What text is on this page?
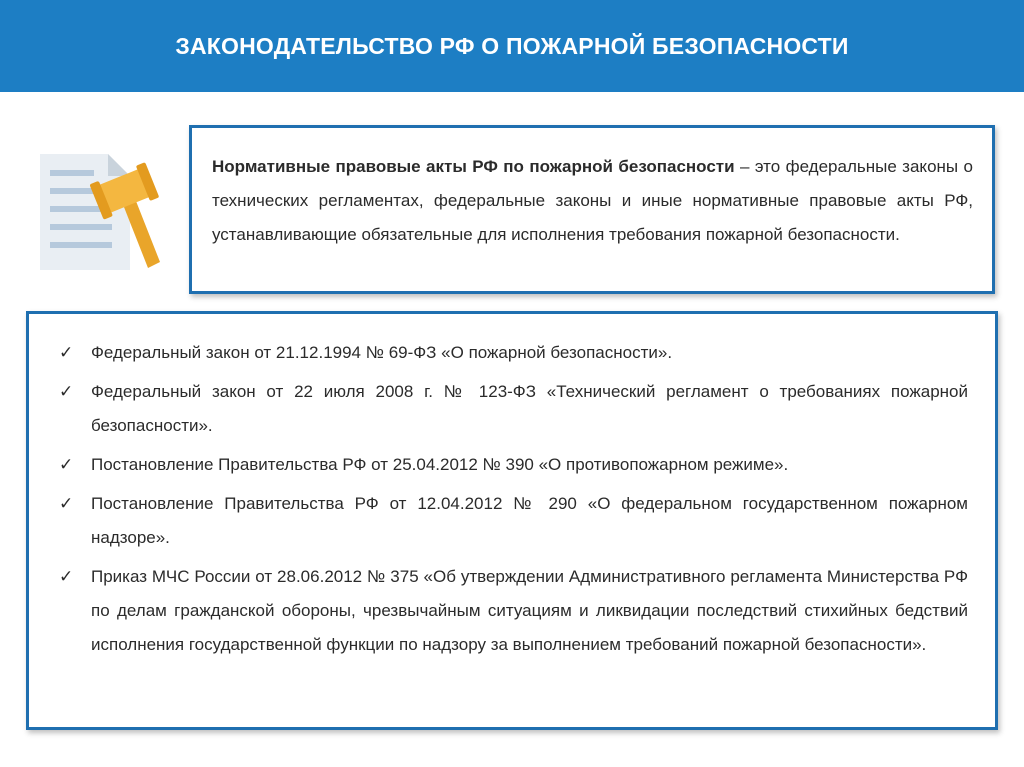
ЗАКОНОДАТЕЛЬСТВО РФ О ПОЖАРНОЙ БЕЗОПАСНОСТИ

Нормативные правовые акты РФ по пожарной безопасности – это федеральные законы о технических регламентах, федеральные законы и иные нормативные правовые акты РФ, устанавливающие обязательные для исполнения требования пожарной безопасности.

✓ Федеральный закон от 21.12.1994 № 69-ФЗ «О пожарной безопасности».
✓ Федеральный закон от 22 июля 2008 г. № 123-ФЗ «Технический регламент о требованиях пожарной безопасности».
✓ Постановление Правительства РФ от 25.04.2012 № 390 «О противопожарном режиме».
✓ Постановление Правительства РФ от 12.04.2012 № 290 «О федеральном государственном пожарном надзоре».
✓ Приказ МЧС России от 28.06.2012 № 375 «Об утверждении Административного регламента Министерства РФ по делам гражданской обороны, чрезвычайным ситуациям и ликвидации последствий стихийных бедствий исполнения государственной функции по надзору за выполнением требований пожарной безопасности».
